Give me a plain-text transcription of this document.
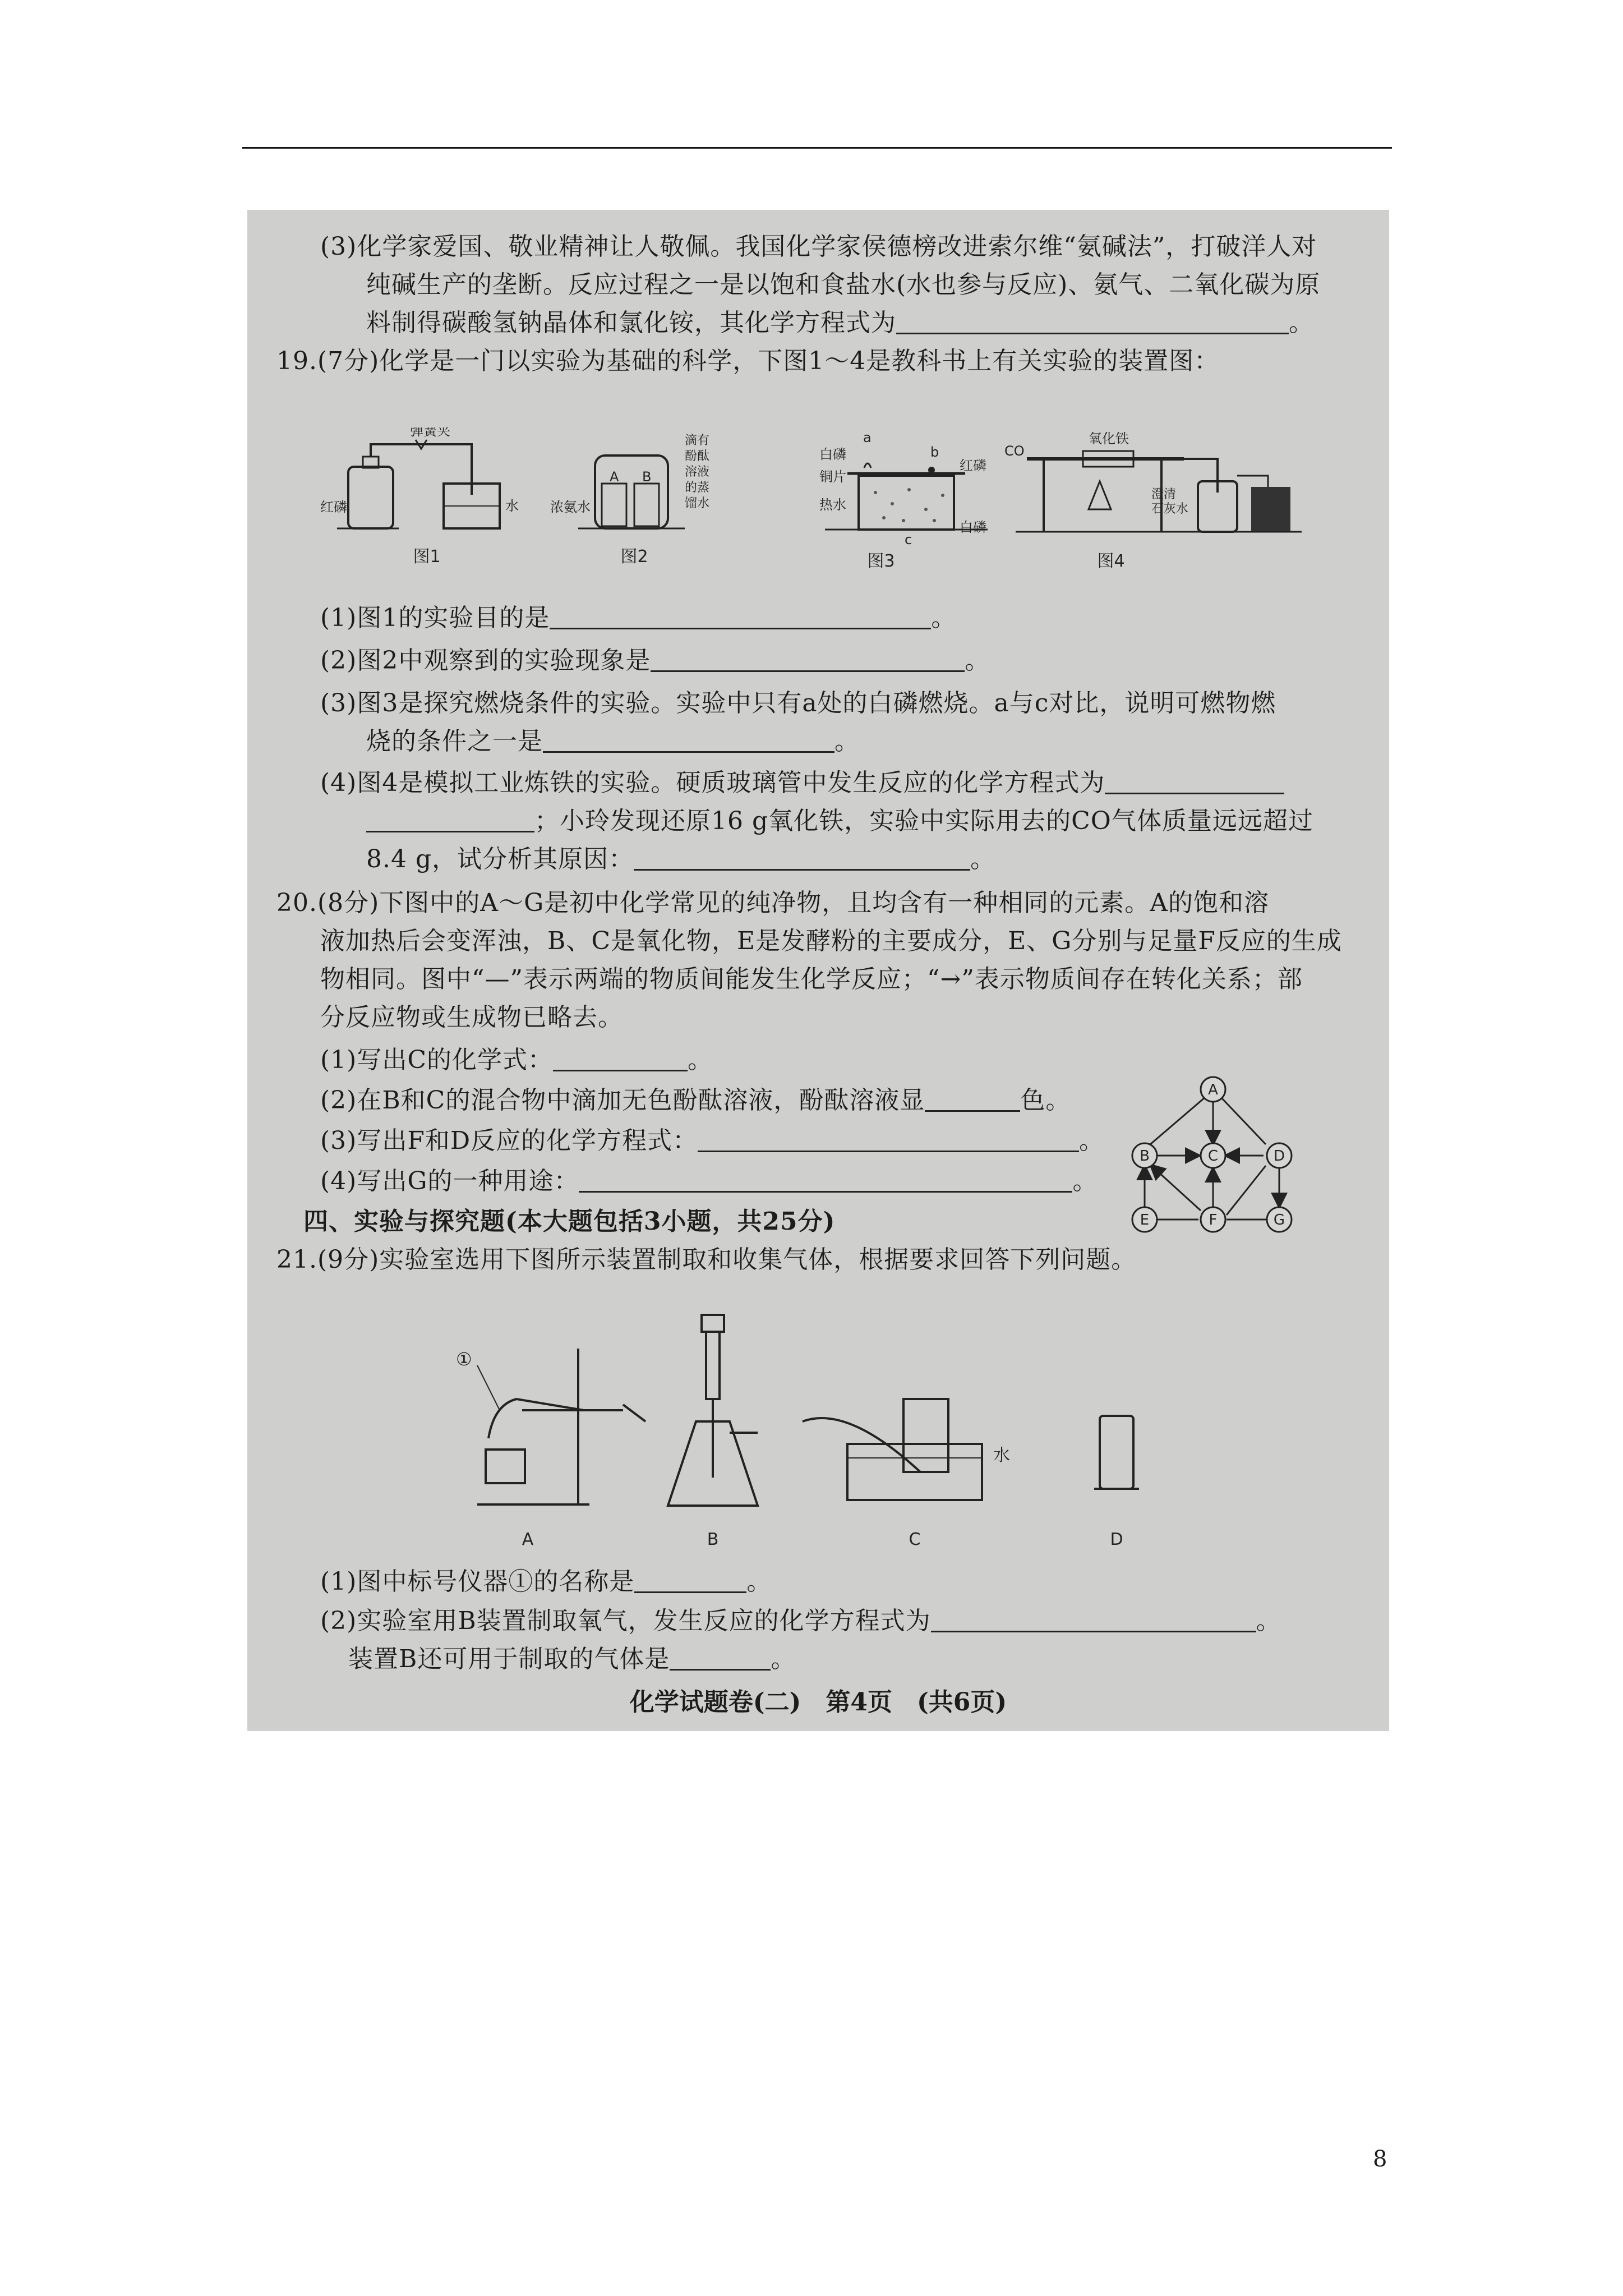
(3)化学家爱国、敬业精神让人敬佩。我国化学家侯德榜改进索尔维“氨碱法”，打破洋人对
纯碱生产的垄断。反应过程之一是以饱和食盐水(水也参与反应)、氨气、二氧化碳为原
料制得碳酸氢钠晶体和氯化铵，其化学方程式为	。
19.(7分)化学是一门以实验为基础的科学，下图1～4是教科书上有关实验的装置图：
弹簧夹
红磷	水
图1
A B
浓氨水
滴有
酚酞
溶液
的蒸
馏水
图2
a
b
c
白磷
铜片
红磷
热水
白磷
图3
CO
氧化铁
澄清
石灰水
图4
(1)图1的实验目的是	。
(2)图2中观察到的实验现象是	。
(3)图3是探究燃烧条件的实验。实验中只有a处的白磷燃烧。a与c对比，说明可燃物燃
烧的条件之一是	。
(4)图4是模拟工业炼铁的实验。硬质玻璃管中发生反应的化学方程式为
；小玲发现还原16 g氧化铁，实验中实际用去的CO气体质量远远超过
8.4 g，试分析其原因：	。
20.(8分)下图中的A～G是初中化学常见的纯净物，且均含有一种相同的元素。A的饱和溶
液加热后会变浑浊，B、C是氧化物，E是发酵粉的主要成分，E、G分别与足量F反应的生成
物相同。图中“—”表示两端的物质间能发生化学反应；“→”表示物质间存在转化关系；部
分反应物或生成物已略去。
(1)写出C的化学式：	。
(2)在B和C的混合物中滴加无色酚酞溶液，酚酞溶液显	色。
(3)写出F和D反应的化学方程式：	。
(4)写出G的一种用途：	。
A
B	C	D
E	F	G
四、实验与探究题(本大题包括3小题，共25分)
21.(9分)实验室选用下图所示装置制取和收集气体，根据要求回答下列问题。
①
A	B
水
C	D
(1)图中标号仪器①的名称是	。
(2)实验室用B装置制取氧气，发生反应的化学方程式为	。
装置B还可用于制取的气体是	。
化学试题卷(二)　第4页　(共6页)
8
